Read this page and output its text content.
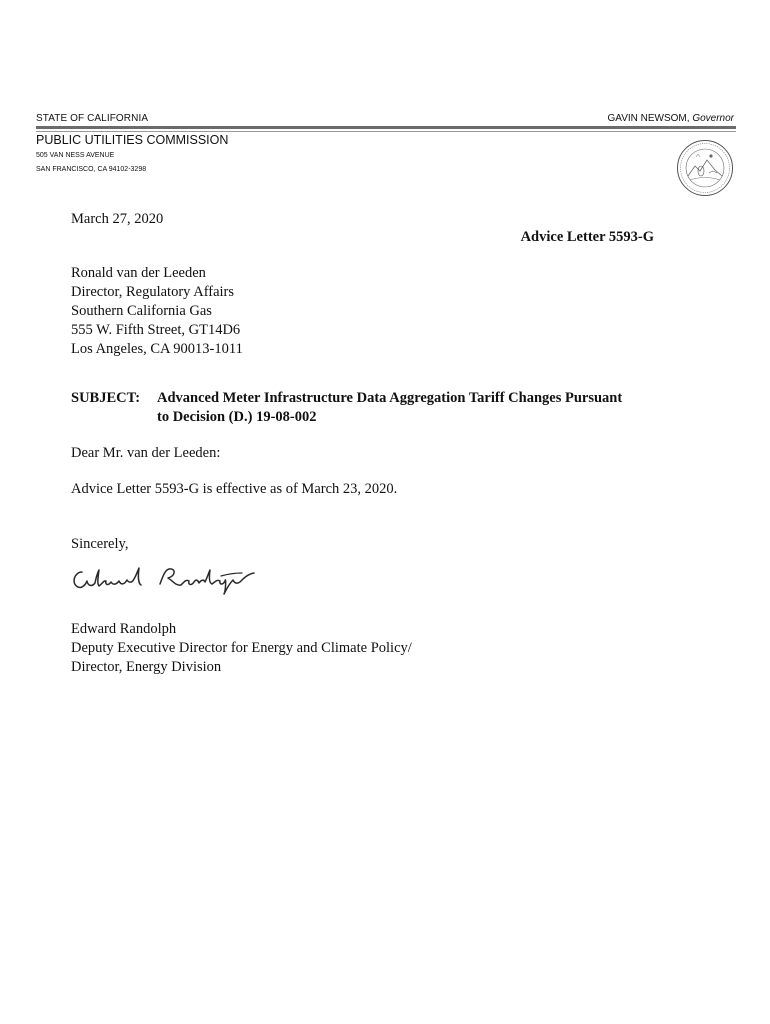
STATE OF CALIFORNIA	GAVIN NEWSOM, Governor
PUBLIC UTILITIES COMMISSION
505 VAN NESS AVENUE
SAN FRANCISCO, CA 94102-3298
March 27, 2020
Advice Letter 5593-G
Ronald van der Leeden
Director, Regulatory Affairs
Southern California Gas
555 W. Fifth Street, GT14D6
Los Angeles, CA 90013-1011
SUBJECT: Advanced Meter Infrastructure Data Aggregation Tariff Changes Pursuant
to Decision (D.) 19-08-002
Dear Mr. van der Leeden:
Advice Letter 5593-G is effective as of March 23, 2020.
Sincerely,
Edward Randolph
Deputy Executive Director for Energy and Climate Policy/
Director, Energy Division
